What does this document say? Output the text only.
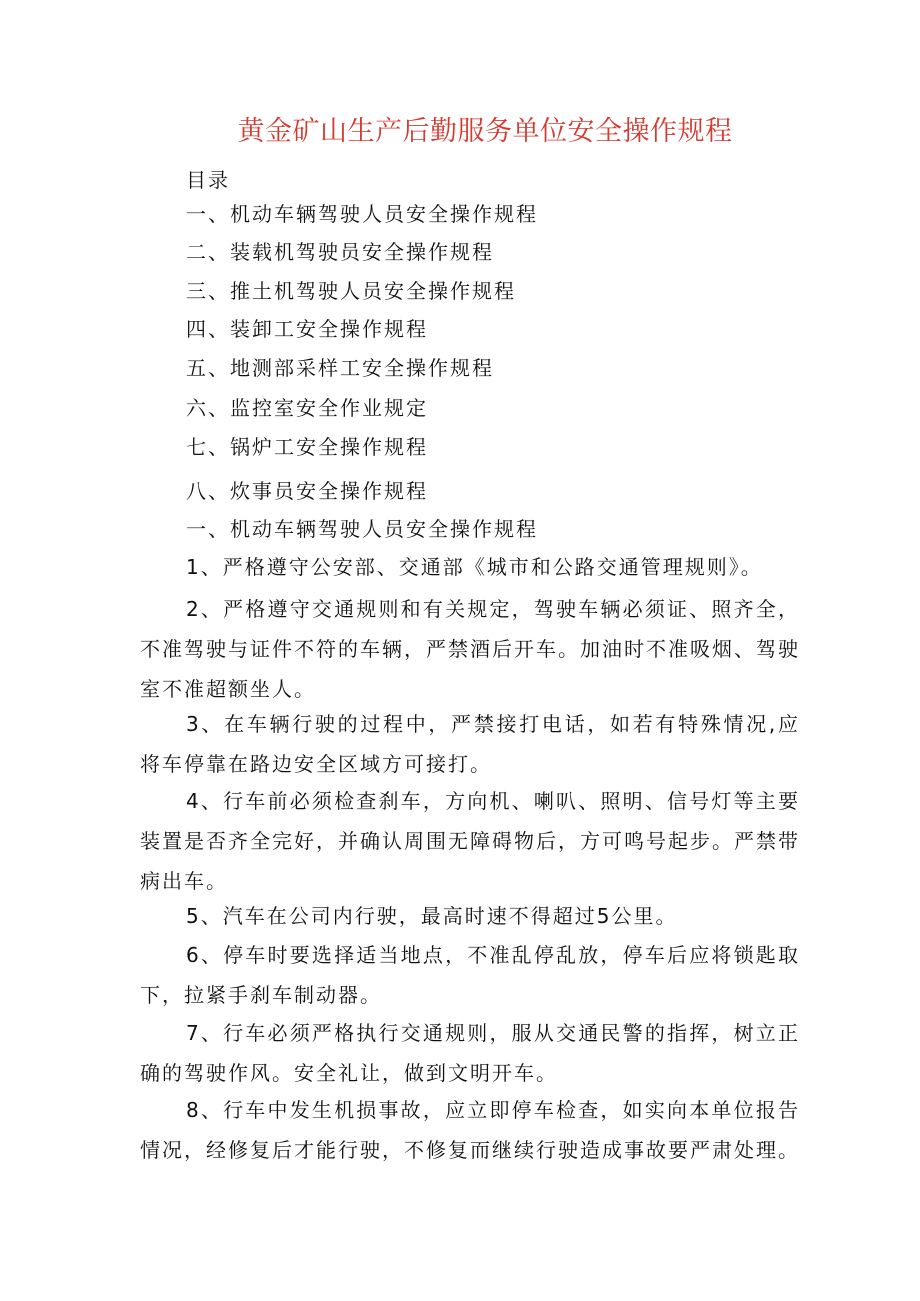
黄金矿山生产后勤服务单位安全操作规程
目录
一、机动车辆驾驶人员安全操作规程
二、装载机驾驶员安全操作规程
三、推土机驾驶人员安全操作规程
四、装卸工安全操作规程
五、地测部采样工安全操作规程
六、监控室安全作业规定
七、锅炉工安全操作规程
八、炊事员安全操作规程
一、机动车辆驾驶人员安全操作规程
1、严格遵守公安部、交通部《城市和公路交通管理规则》。
2、严格遵守交通规则和有关规定，驾驶车辆必须证、照齐全，不准驾驶与证件不符的车辆，严禁酒后开车。加油时不准吸烟、驾驶室不准超额坐人。
3、在车辆行驶的过程中，严禁接打电话，如若有特殊情况,应将车停靠在路边安全区域方可接打。
4、行车前必须检查刹车，方向机、喇叭、照明、信号灯等主要装置是否齐全完好，并确认周围无障碍物后，方可鸣号起步。严禁带病出车。
5、汽车在公司内行驶，最高时速不得超过5公里。
6、停车时要选择适当地点，不准乱停乱放，停车后应将锁匙取下，拉紧手刹车制动器。
7、行车必须严格执行交通规则，服从交通民警的指挥，树立正确的驾驶作风。安全礼让，做到文明开车。
8、行车中发生机损事故，应立即停车检查，如实向本单位报告情况，经修复后才能行驶，不修复而继续行驶造成事故要严肃处理。
